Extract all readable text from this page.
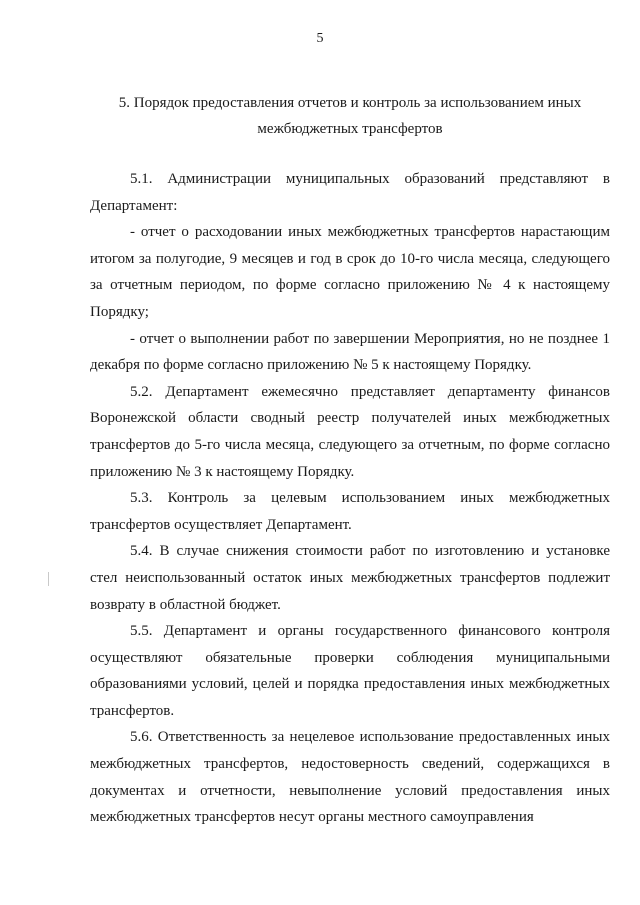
5

5. Порядок предоставления отчетов и контроль за использованием иных межбюджетных трансфертов

5.1. Администрации муниципальных образований представляют в Департамент:

- отчет о расходовании иных межбюджетных трансфертов нарастающим итогом за полугодие, 9 месяцев и год в срок до 10-го числа месяца, следующего за отчетным периодом, по форме согласно приложению № 4 к настоящему Порядку;

- отчет о выполнении работ по завершении Мероприятия, но не позднее 1 декабря по форме согласно приложению № 5 к настоящему Порядку.

5.2. Департамент ежемесячно представляет департаменту финансов Воронежской области сводный реестр получателей иных межбюджетных трансфертов до 5-го числа месяца, следующего за отчетным, по форме согласно приложению № 3 к настоящему Порядку.

5.3. Контроль за целевым использованием иных межбюджетных трансфертов осуществляет Департамент.

5.4. В случае снижения стоимости работ по изготовлению и установке стел неиспользованный остаток иных межбюджетных трансфертов подлежит возврату в областной бюджет.

5.5. Департамент и органы государственного финансового контроля осуществляют обязательные проверки соблюдения муниципальными образованиями условий, целей и порядка предоставления иных межбюджетных трансфертов.

5.6. Ответственность за нецелевое использование предоставленных иных межбюджетных трансфертов, недостоверность сведений, содержащихся в документах и отчетности, невыполнение условий предоставления иных межбюджетных трансфертов несут органы местного самоуправления
